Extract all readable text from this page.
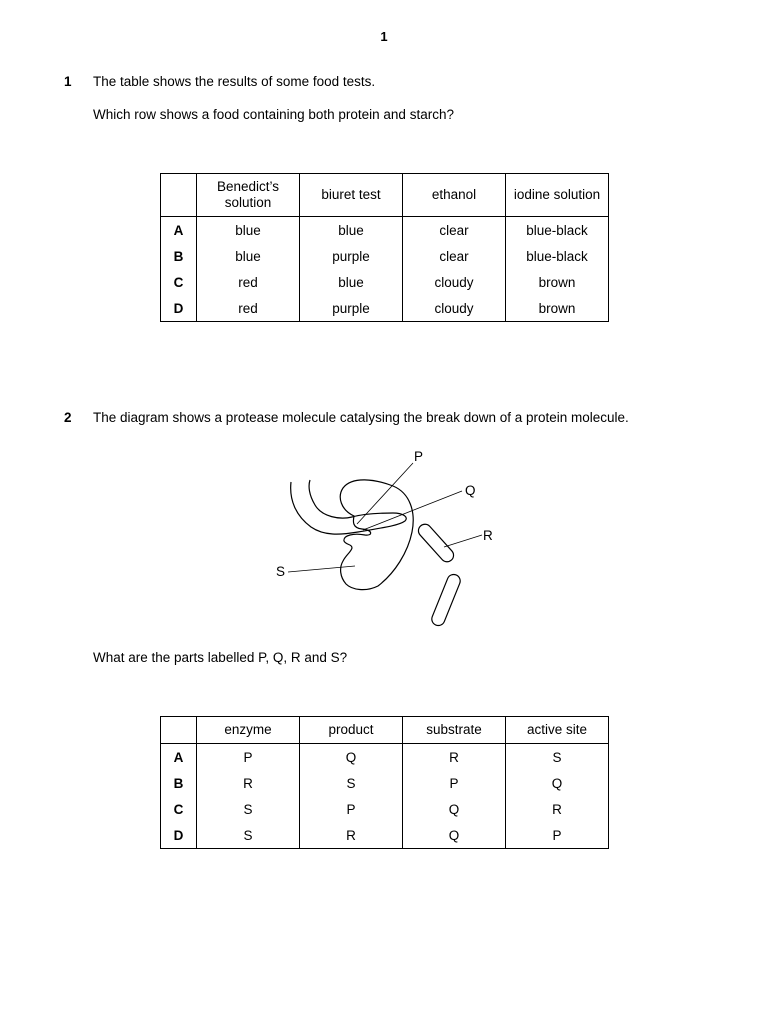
1
1 The table shows the results of some food tests.
Which row shows a food containing both protein and starch?
	Benedict’s solution	biuret test	ethanol	iodine solution
A	blue	blue	clear	blue-black
B	blue	purple	clear	blue-black
C	red	blue	cloudy	brown
D	red	purple	cloudy	brown
2 The diagram shows a protease molecule catalysing the break down of a protein molecule.
P
Q
R
S
What are the parts labelled P, Q, R and S?
	enzyme	product	substrate	active site
A	P	Q	R	S
B	R	S	P	Q
C	S	P	Q	R
D	S	R	Q	P
